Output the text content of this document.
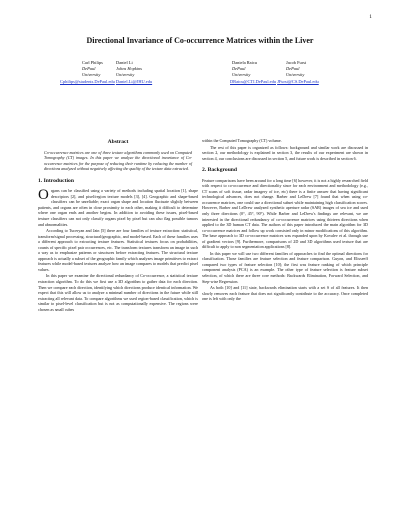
1
Directional Invariance of Co-occurrence Matrices within the Liver
Carl Philips
DePaul
University
Daniel Li
Johns Hopkins
University
Cphilips@students.DePaul.edu Daniel.Li@JHU.edu
Daniela Raicu
DePaul
University
Jacob Furst
DePaul
University
DRaicu@CTI.DePaul.edu JFurst@CS.DePaul.edu
Abstract
Co-occurrence matrices are one of three texture algorithms commonly used on Computed Tomography (CT) images. In this paper we analyze the directional invariance of Co-occurrence matrices for the purpose of reducing their runtime by reducing the number of directions analyzed without negatively affecting the quality of the texture data extracted.
1. Introduction

Organs can be classified using a variety of methods including spatial location [1], shape descriptors [2], and pixel/region texture models [3], [4]. Geographic and shape-based classifiers can be unreliable; exact organ shape and location fluctuate slightly between patients, and organs are often in close proximity to each other, making it difficult to determine where one organ ends and another begins. In addition to avoiding these issues, pixel-based texture classifiers can not only classify organs pixel by pixel but can also flag possible tumors and abnormalities.

According to Tuceryan and Jain [5] there are four families of texture extraction: statistical, transform/signal processing, structural/geographic, and model-based. Each of these families uses a different approach to extracting texture features. Statistical textures focus on probabilities, counts of specific pixel pair occurrences, etc. The transform textures transform an image in such a way as to emphasize patterns or structures before extracting features. The structural texture approach is actually a subset of the geographic family which analyzes image primitives to extract features while model-based textures analyze how an image compares to models that predict pixel values.

In this paper we examine the directional redundancy of Co-occurrence, a statistical texture extraction algorithm. To do this we first use a 3D algorithm to gather data for each direction. Then we compare each direction, identifying which directions produce identical information. We expect that this will allow us to analyze a minimal number of directions in the future while still extracting all relevant data. To compare algorithms we used region-based classification, which is similar to pixel-level classification but is not as computationally expensive. The regions were chosen as small cubes

within the Computed Tomography (CT) volume.

The rest of this paper is organized as follows: background and similar work are discussed in section 2, our methodology is explained in section 3, the results of our experiment are shown in section 4, our conclusions are discussed in section 5, and future work is described in section 6.

2. Background

Feature comparisons have been around for a long time [6] however, it is not a highly researched field with respect to co-occurrence and directionality since for each environment and methodology (e.g., CT scans of soft tissue, radar imagery of ice, etc) there is a finite answer that having significant technological advances, does not change. Barber and LeDrew [7] found that when using co-occurrence matrices, one could use a directional subset while maintaining high classification scores. However, Barber and LeDrew analyzed synthetic aperture radar (SAR) images of sea ice and used only three directions (0°, 45°, 90°). While Barber and LeDrew's findings are relevant, we are interested in the directional redundancy of co-occurrence matrices using thirteen directions when applied to the 3D human CT data. The authors of this paper introduced the main algorithm for 3D co-occurrence matrices and follow up work consisted only in minor modifications of this algorithm. The base approach to 3D co-occurrence matrices was expanded upon by Kovalev et al. through use of gradient vectors [9]. Furthermore, comparisons of 2D and 3D algorithms used texture that are difficult to apply to non segmentation applications [8].

In this paper we will use two different families of approaches to find the optimal directions for classification. Those families are feature selection and feature comparison. Guyon, and Elisseeff compared two types of feature selection [10]; the first was feature ranking of which principle component analysis (PCA) is an example. The other type of feature selection is feature subset selection, of which there are three core methods: Backwards Elimination, Forward Selection, and Step-wise Regression.

As both [10] and [11] state, backwards elimination starts with a set S of all features. It then slowly removes each feature that does not significantly contribute to the accuracy. Once completed one is left with only the
